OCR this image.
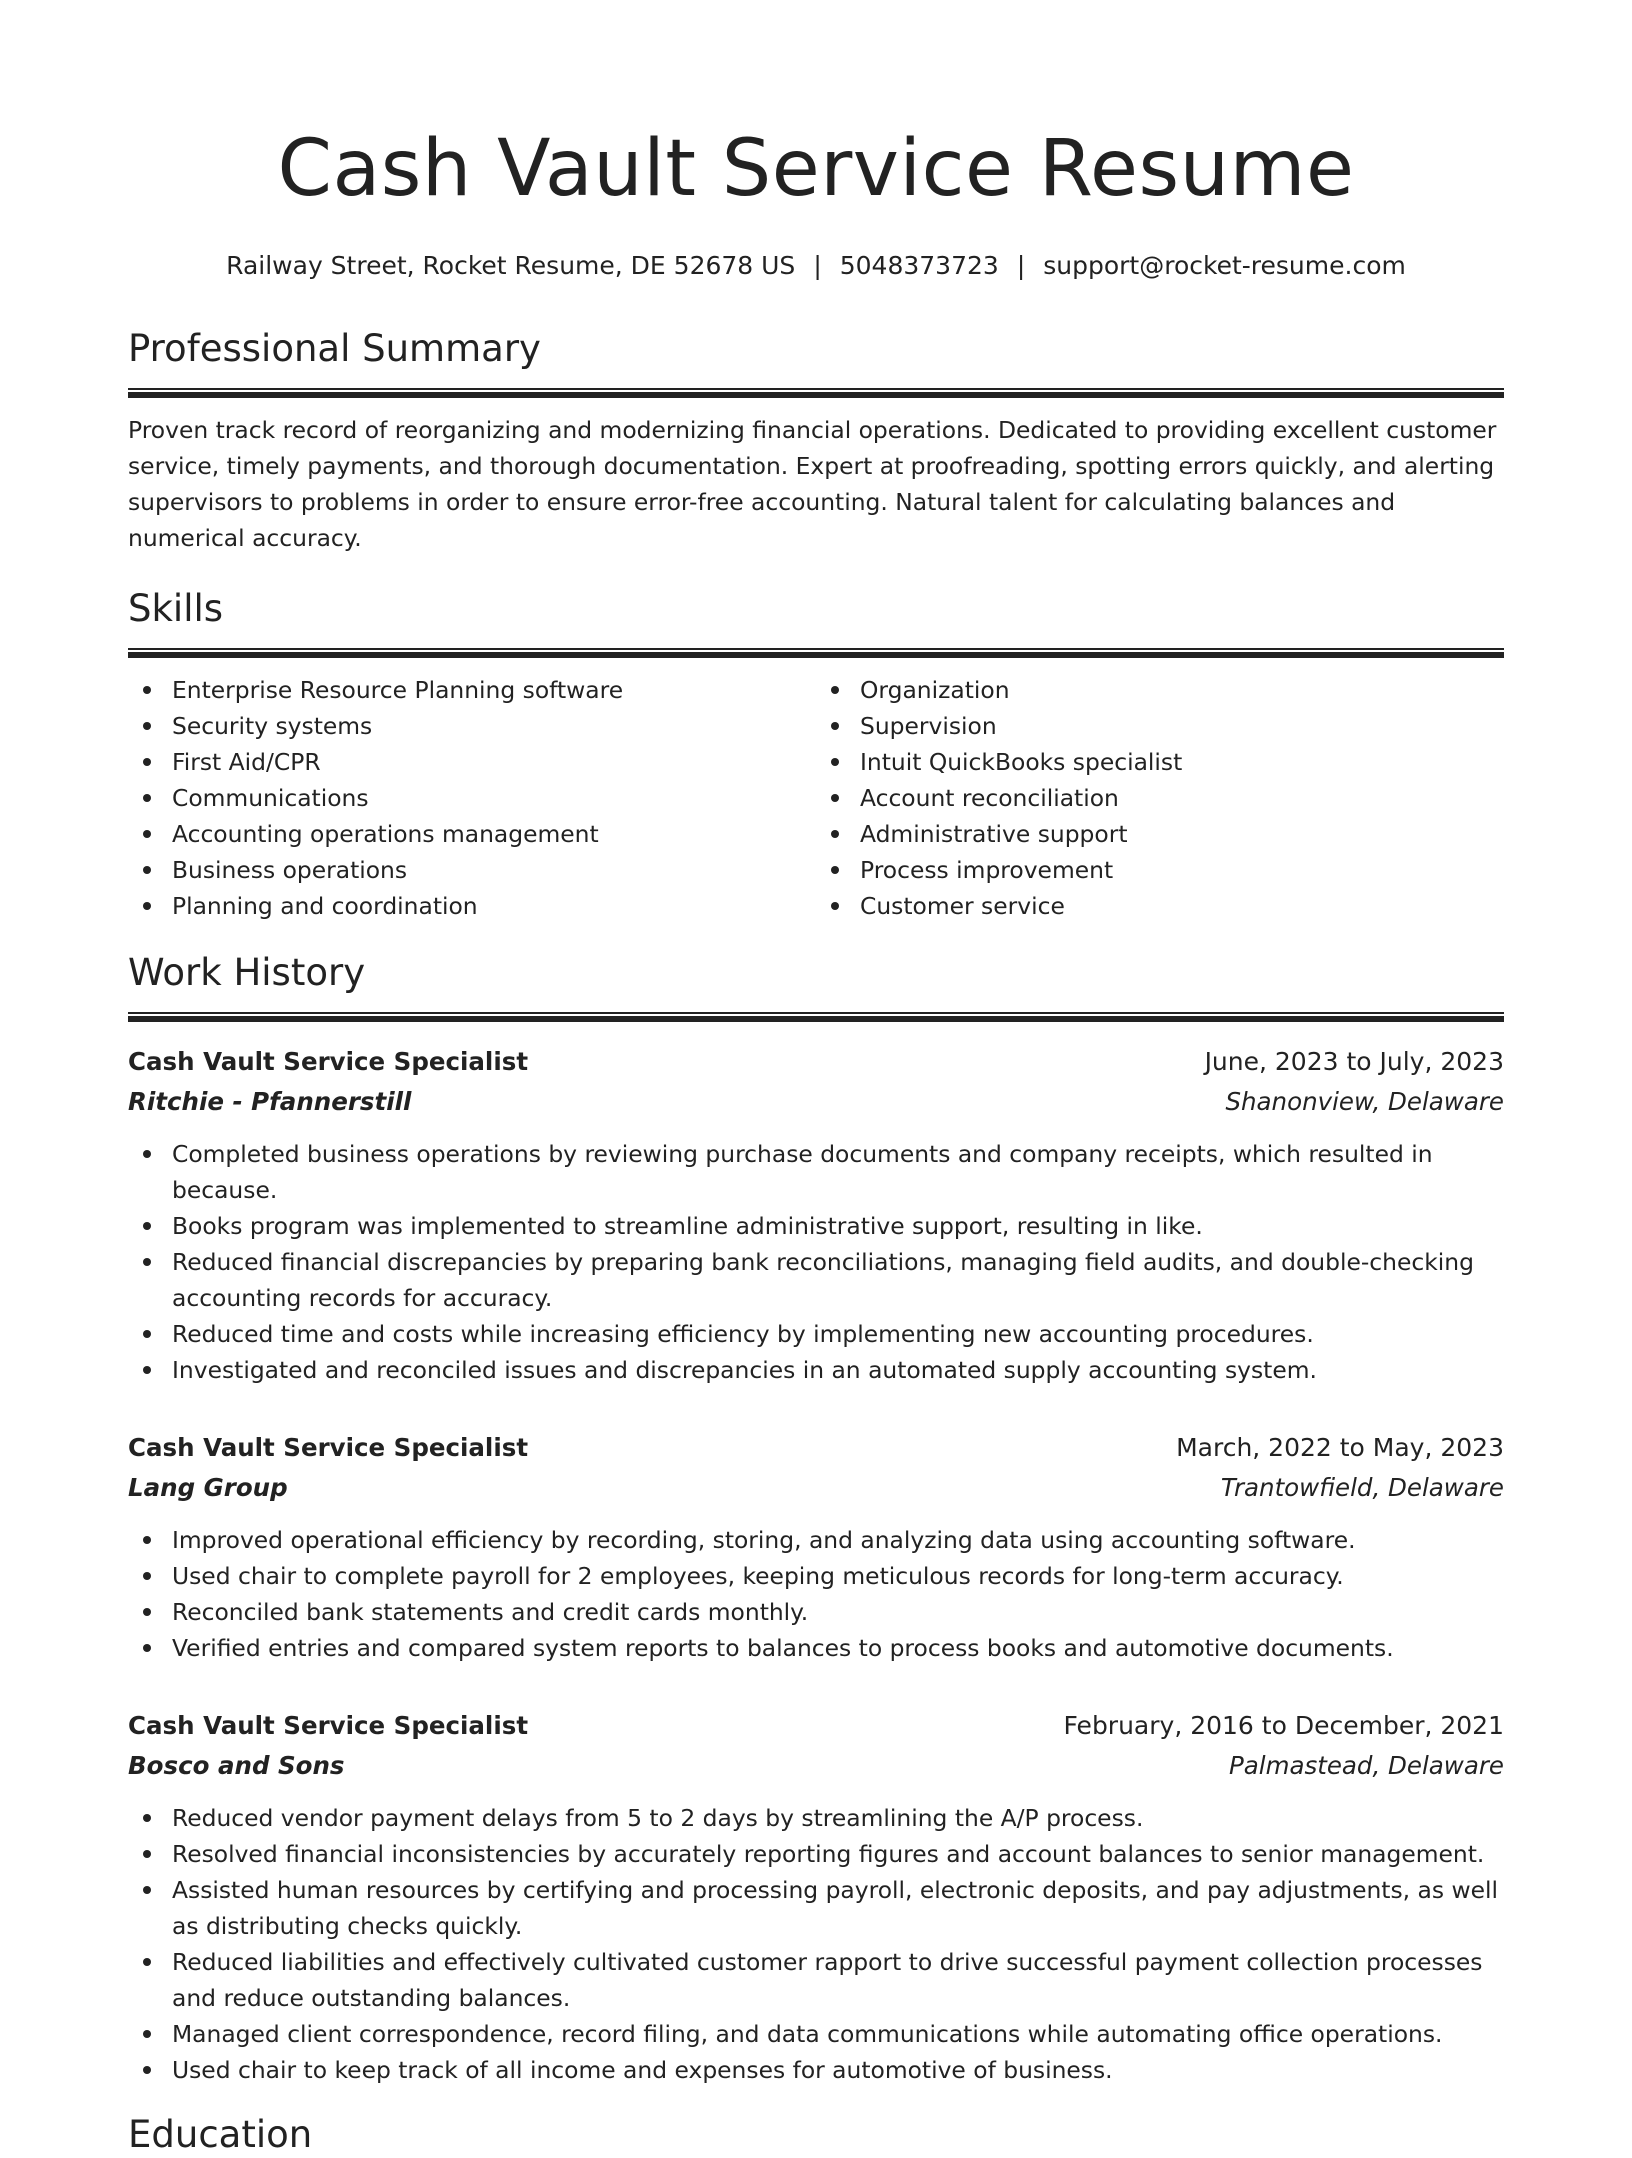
Cash Vault Service Resume
Railway Street, Rocket Resume, DE 52678 US | 5048373723 | support@rocket-resume.com
Professional Summary

Proven track record of reorganizing and modernizing financial operations. Dedicated to providing excellent customer service, timely payments, and thorough documentation. Expert at proofreading, spotting errors quickly, and alerting supervisors to problems in order to ensure error-free accounting. Natural talent for calculating balances and numerical accuracy.

Skills
Enterprise Resource Planning software
Security systems
First Aid/CPR
Communications
Accounting operations management
Business operations
Planning and coordination
Organization
Supervision
Intuit QuickBooks specialist
Account reconciliation
Administrative support
Process improvement
Customer service
Work History
Cash Vault Service Specialist	June, 2023 to July, 2023
Ritchie - Pfannerstill	Shanonview, Delaware
Completed business operations by reviewing purchase documents and company receipts, which resulted in because.
Books program was implemented to streamline administrative support, resulting in like.
Reduced financial discrepancies by preparing bank reconciliations, managing field audits, and double-checking accounting records for accuracy.
Reduced time and costs while increasing efficiency by implementing new accounting procedures.
Investigated and reconciled issues and discrepancies in an automated supply accounting system.
Cash Vault Service Specialist	March, 2022 to May, 2023
Lang Group	Trantowfield, Delaware
Improved operational efficiency by recording, storing, and analyzing data using accounting software.
Used chair to complete payroll for 2 employees, keeping meticulous records for long-term accuracy.
Reconciled bank statements and credit cards monthly.
Verified entries and compared system reports to balances to process books and automotive documents.
Cash Vault Service Specialist	February, 2016 to December, 2021
Bosco and Sons	Palmastead, Delaware
Reduced vendor payment delays from 5 to 2 days by streamlining the A/P process.
Resolved financial inconsistencies by accurately reporting figures and account balances to senior management.
Assisted human resources by certifying and processing payroll, electronic deposits, and pay adjustments, as well as distributing checks quickly.
Reduced liabilities and effectively cultivated customer rapport to drive successful payment collection processes and reduce outstanding balances.
Managed client correspondence, record filing, and data communications while automating office operations.
Used chair to keep track of all income and expenses for automotive of business.
Education
